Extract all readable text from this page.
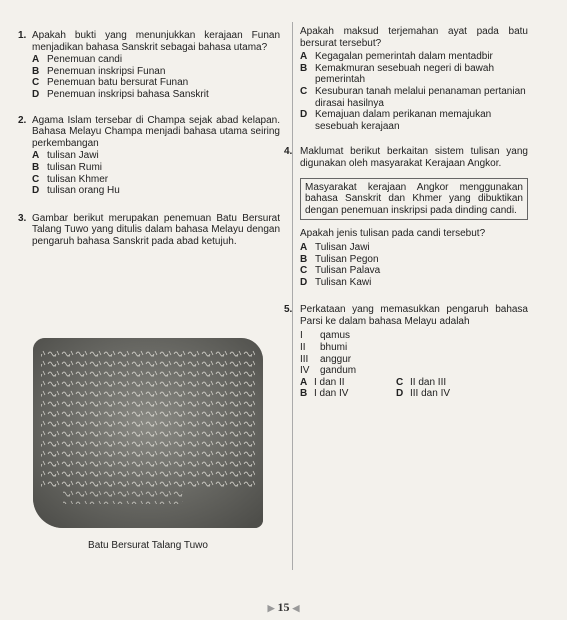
1. Apakah bukti yang menunjukkan kerajaan Funan menjadikan bahasa Sanskrit sebagai bahasa utama?
A Penemuan candi
B Penemuan inskripsi Funan
C Penemuan batu bersurat Funan
D Penemuan inskripsi bahasa Sanskrit
2. Agama Islam tersebar di Champa sejak abad kelapan. Bahasa Melayu Champa menjadi bahasa utama seiring perkembangan
A tulisan Jawi
B tulisan Rumi
C tulisan Khmer
D tulisan orang Hu
3. Gambar berikut merupakan penemuan Batu Bersurat Talang Tuwo yang ditulis dalam bahasa Melayu dengan pengaruh bahasa Sanskrit pada abad ketujuh.
Batu Bersurat Talang Tuwo
Apakah maksud terjemahan ayat pada batu bersurat tersebut?
A Kegagalan pemerintah dalam mentadbir
B Kemakmuran sesebuah negeri di bawah pemerintah
C Kesuburan tanah melalui penanaman pertanian dirasai hasilnya
D Kemajuan dalam perikanan memajukan sesebuah kerajaan
4. Maklumat berikut berkaitan sistem tulisan yang digunakan oleh masyarakat Kerajaan Angkor.
Masyarakat kerajaan Angkor menggunakan bahasa Sanskrit dan Khmer yang dibuktikan dengan penemuan inskripsi pada dinding candi.
Apakah jenis tulisan pada candi tersebut?
A Tulisan Jawi
B Tulisan Pegon
C Tulisan Palava
D Tulisan Kawi
5. Perkataan yang memasukkan pengaruh bahasa Parsi ke dalam bahasa Melayu adalah
I qamus
II bhumi
III anggur
IV gandum
A I dan II	C II dan III
B I dan IV	D III dan IV
▶ 15 ◀
